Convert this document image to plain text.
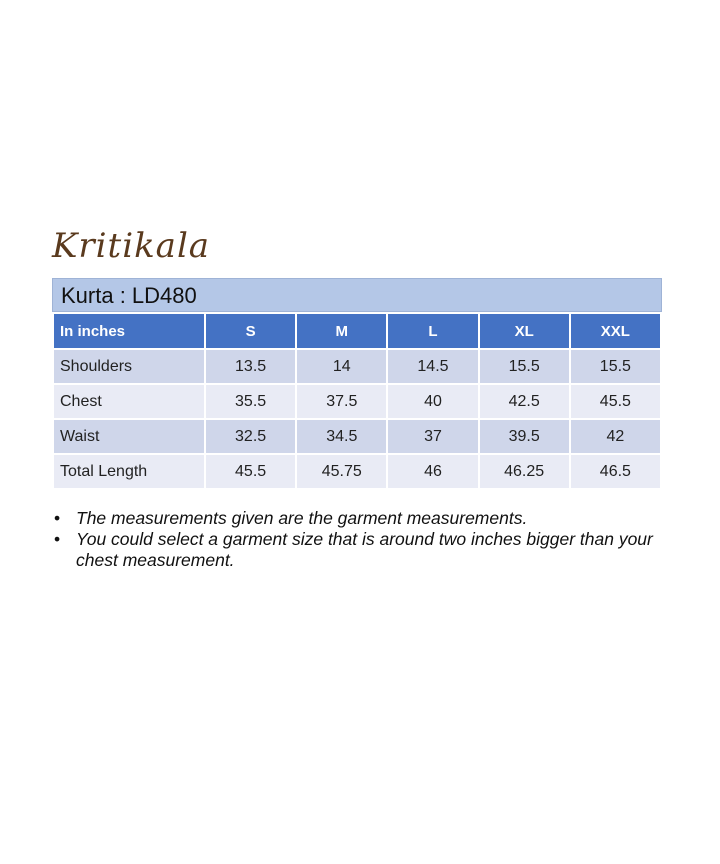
Kritikala
Kurta : LD480
In inches	S	M	L	XL	XXL
Shoulders	13.5	14	14.5	15.5	15.5
Chest	35.5	37.5	40	42.5	45.5
Waist	32.5	34.5	37	39.5	42
Total Length	45.5	45.75	46	46.25	46.5
• The measurements given are the garment measurements.
• You could select a garment size that is around two inches bigger than your chest measurement.
